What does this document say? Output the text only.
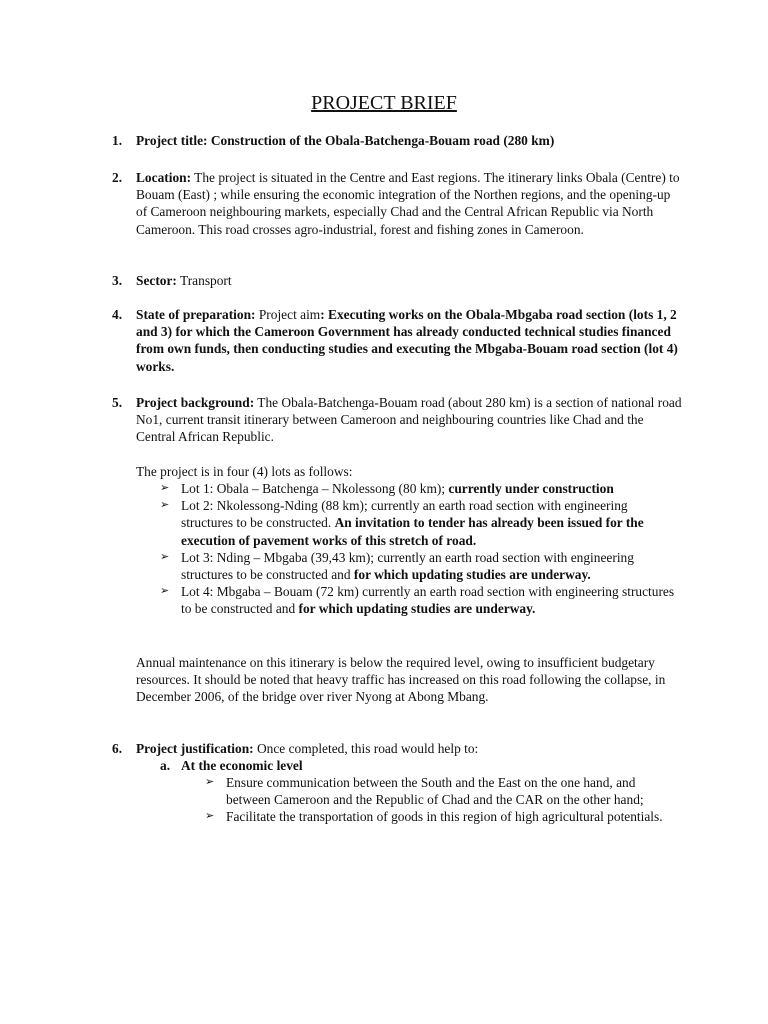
PROJECT BRIEF
1. Project title: Construction of the Obala-Batchenga-Bouam road (280 km)
2. Location: The project is situated in the Centre and East regions. The itinerary links Obala (Centre) to Bouam (East) ; while ensuring the economic integration of the Northen regions, and the opening-up of Cameroon neighbouring markets, especially Chad and the Central African Republic via North Cameroon. This road crosses agro-industrial, forest and fishing zones in Cameroon.
3. Sector: Transport
4. State of preparation: Project aim: Executing works on the Obala-Mbgaba road section (lots 1, 2 and 3) for which the Cameroon Government has already conducted technical studies financed from own funds, then conducting studies and executing the Mbgaba-Bouam road section (lot 4) works.
5. Project background: The Obala-Batchenga-Bouam road (about 280 km) is a section of national road No1, current transit itinerary between Cameroon and neighbouring countries like Chad and the Central African Republic.
The project is in four (4) lots as follows:
➢ Lot 1: Obala – Batchenga – Nkolessong (80 km); currently under construction
➢ Lot 2: Nkolessong-Nding (88 km); currently an earth road section with engineering structures to be constructed. An invitation to tender has already been issued for the execution of pavement works of this stretch of road.
➢ Lot 3: Nding – Mbgaba (39,43 km); currently an earth road section with engineering structures to be constructed and for which updating studies are underway.
➢ Lot 4: Mbgaba – Bouam (72 km) currently an earth road section with engineering structures to be constructed and for which updating studies are underway.
Annual maintenance on this itinerary is below the required level, owing to insufficient budgetary resources. It should be noted that heavy traffic has increased on this road following the collapse, in December 2006, of the bridge over river Nyong at Abong Mbang.
6. Project justification: Once completed, this road would help to:
a. At the economic level
➢ Ensure communication between the South and the East on the one hand, and between Cameroon and the Republic of Chad and the CAR on the other hand;
➢ Facilitate the transportation of goods in this region of high agricultural potentials.
